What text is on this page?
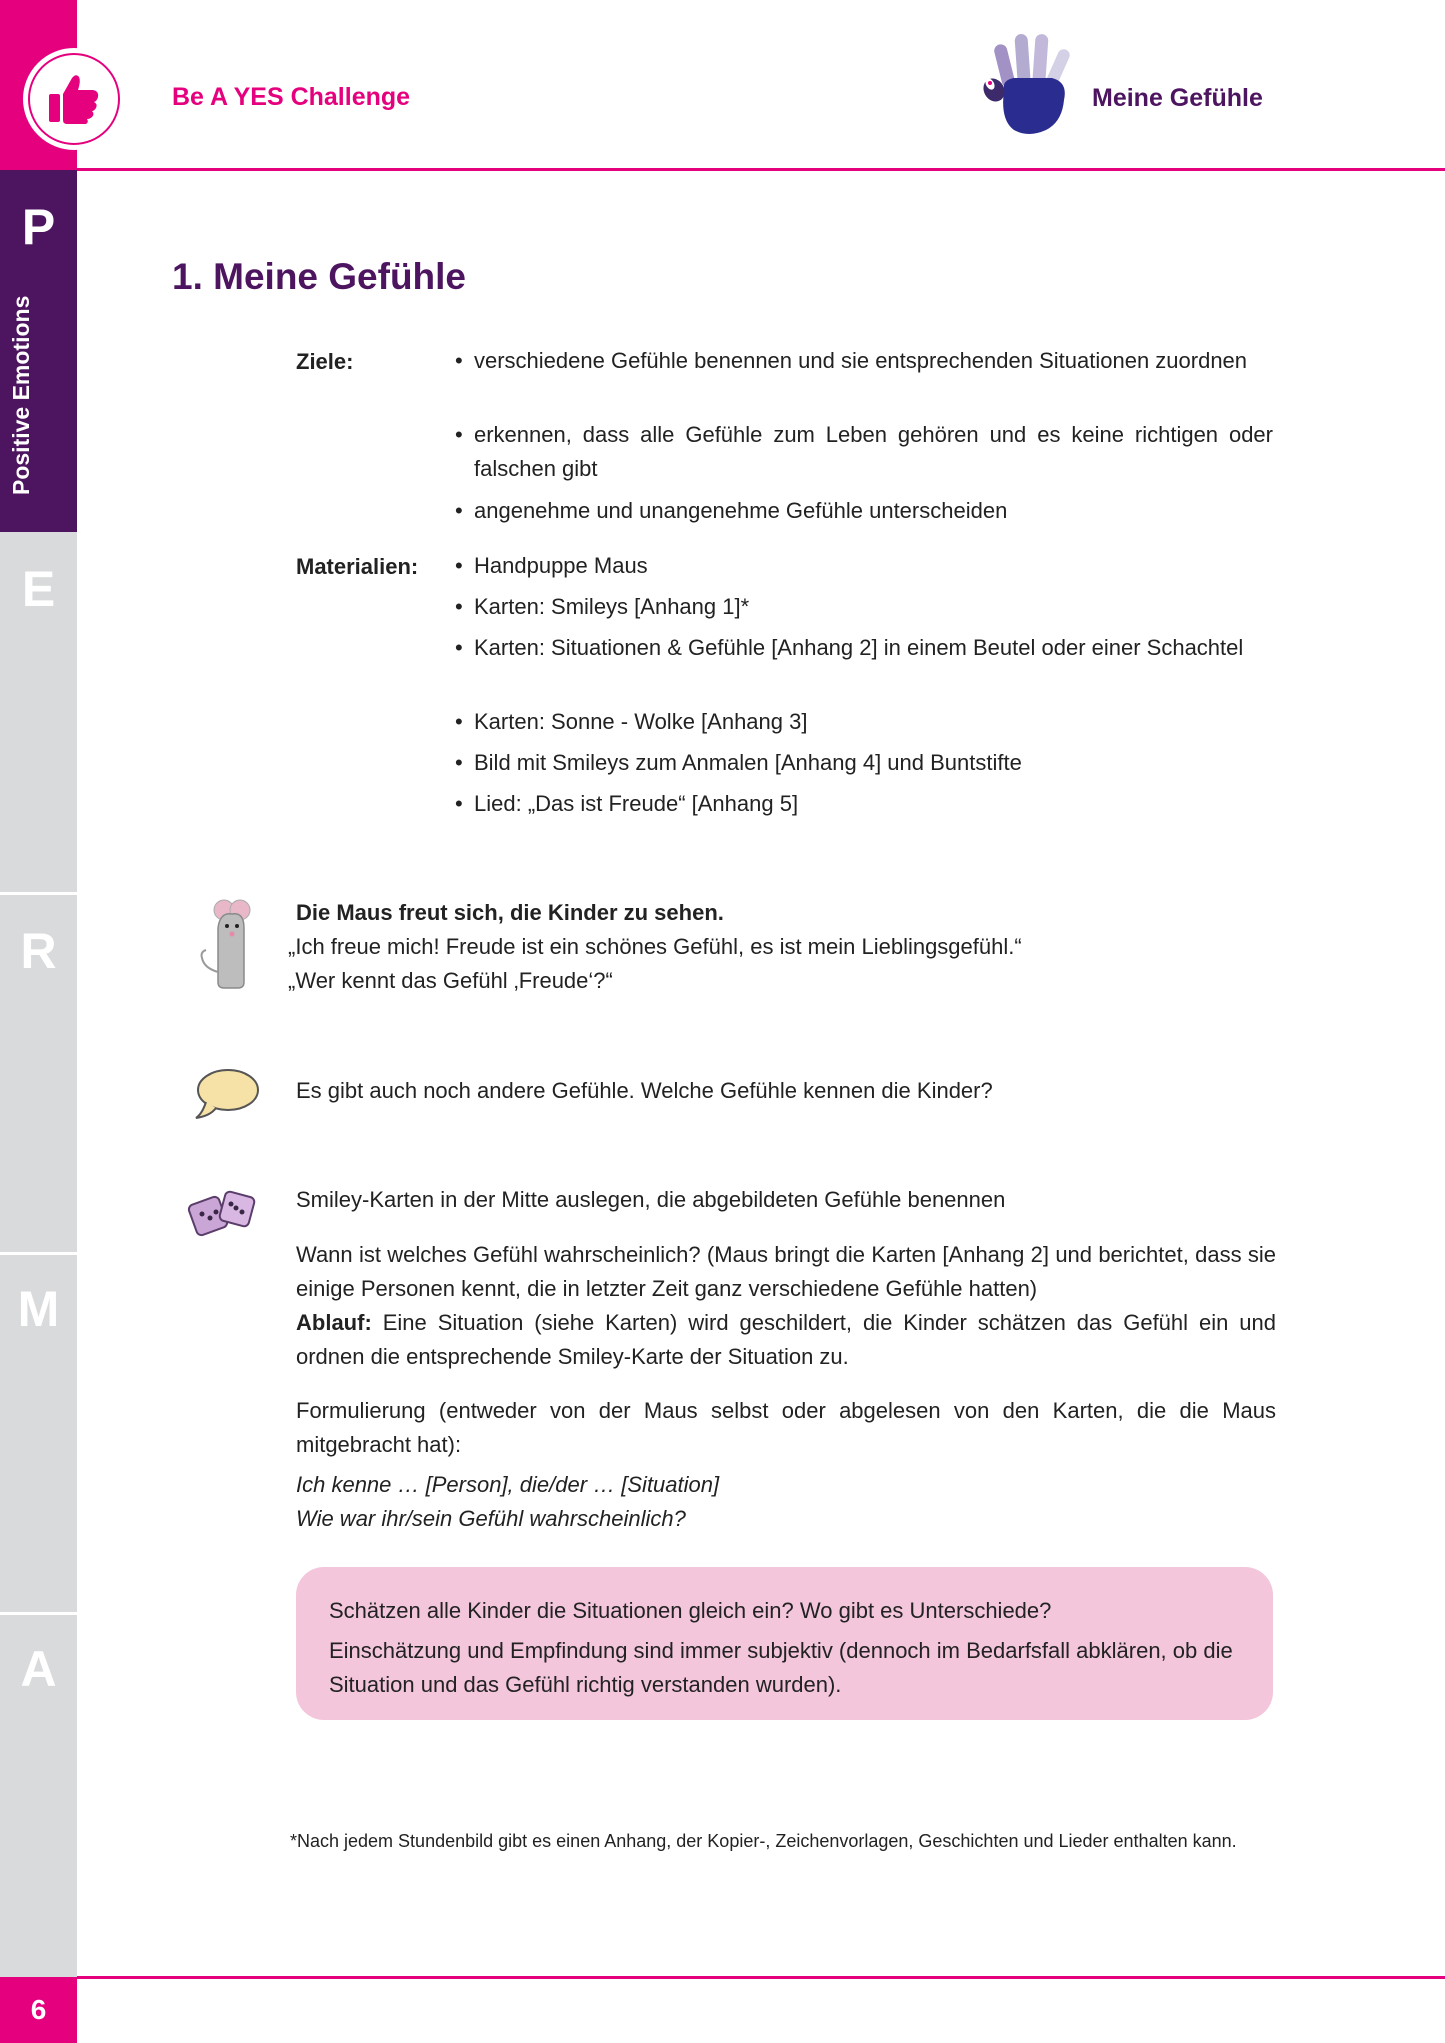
P
Positive Emotions
E
R
M
A
6
Be A YES Challenge	Meine Gefühle
1. Meine Gefühle
Ziele:	• verschiedene Gefühle benennen und sie entsprechenden Situationen zuordnen
• erkennen, dass alle Gefühle zum Leben gehören und es keine richtigen oder falschen gibt
• angenehme und unangenehme Gefühle unterscheiden
Materialien:	• Handpuppe Maus
• Karten: Smileys [Anhang 1]*
• Karten: Situationen & Gefühle [Anhang 2] in einem Beutel oder einer Schachtel
• Karten: Sonne - Wolke [Anhang 3]
• Bild mit Smileys zum Anmalen [Anhang 4] und Buntstifte
• Lied: „Das ist Freude“ [Anhang 5]
Die Maus freut sich, die Kinder zu sehen.
„Ich freue mich! Freude ist ein schönes Gefühl, es ist mein Lieblingsgefühl.“
„Wer kennt das Gefühl ‚Freude‘?“
Es gibt auch noch andere Gefühle. Welche Gefühle kennen die Kinder?
Smiley-Karten in der Mitte auslegen, die abgebildeten Gefühle benennen
Wann ist welches Gefühl wahrscheinlich? (Maus bringt die Karten [Anhang 2] und berichtet, dass sie einige Personen kennt, die in letzter Zeit ganz verschiedene Gefühle hatten)
Ablauf: Eine Situation (siehe Karten) wird geschildert, die Kinder schätzen das Gefühl ein und ordnen die entsprechende Smiley-Karte der Situation zu.
Formulierung (entweder von der Maus selbst oder abgelesen von den Karten, die die Maus mitgebracht hat):
Ich kenne … [Person], die/der … [Situation]
Wie war ihr/sein Gefühl wahrscheinlich?

Schätzen alle Kinder die Situationen gleich ein? Wo gibt es Unterschiede?

Einschätzung und Empfindung sind immer subjektiv (dennoch im Bedarfsfall abklären, ob die Situation und das Gefühl richtig verstanden wurden).

*Nach jedem Stundenbild gibt es einen Anhang, der Kopier-, Zeichenvorlagen, Geschichten und Lieder enthalten kann.
